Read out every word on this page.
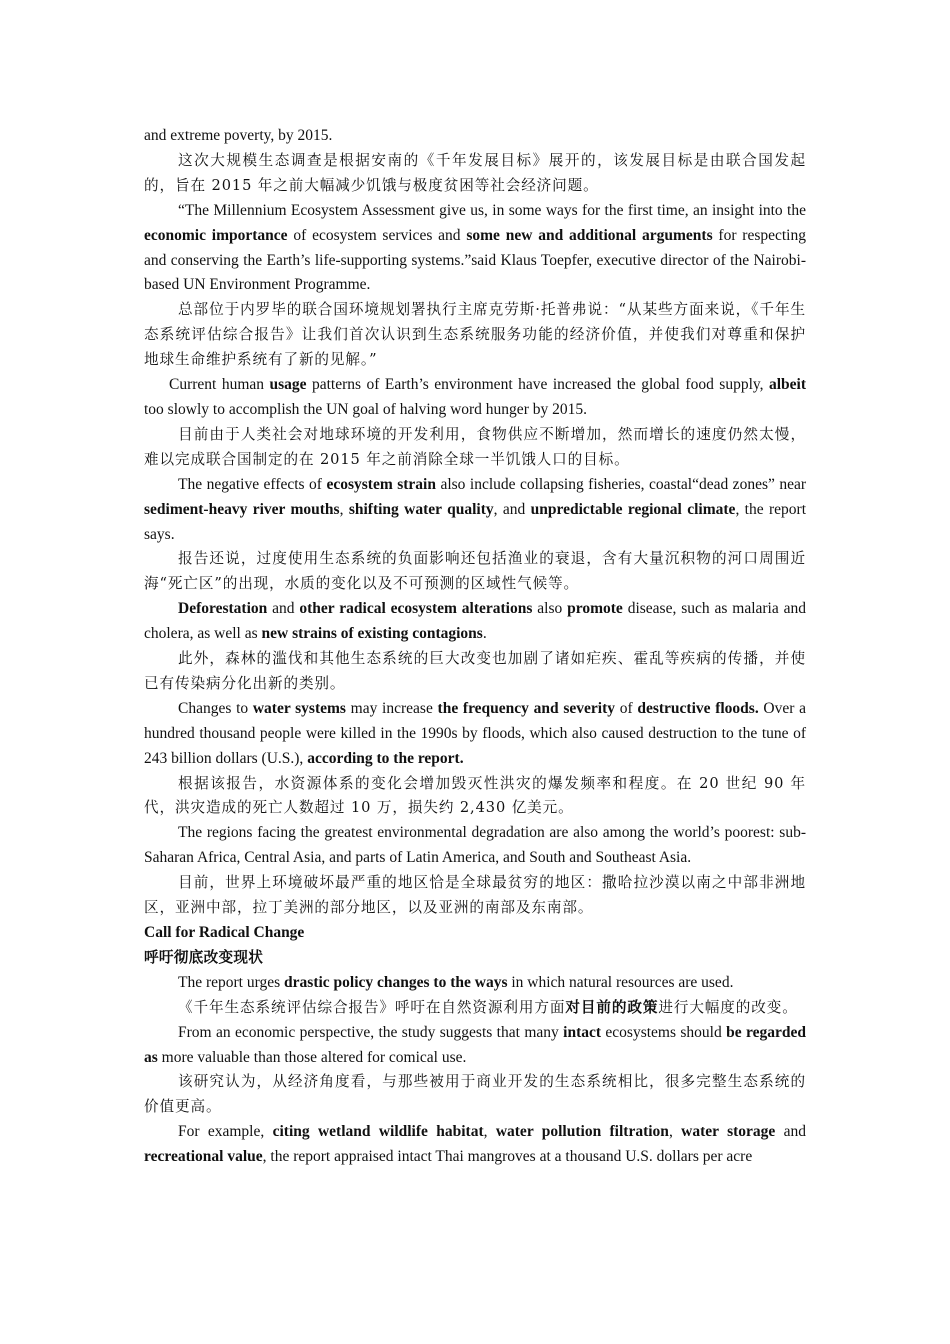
and extreme poverty, by 2015.

这次大规模生态调查是根据安南的《千年发展目标》展开的，该发展目标是由联合国发起的，旨在 2015 年之前大幅减少饥饿与极度贫困等社会经济问题。

“The Millennium Ecosystem Assessment give us, in some ways for the first time, an insight into the economic importance of ecosystem services and some new and additional arguments for respecting and conserving the Earth’s life-supporting systems.”said Klaus Toepfer, executive director of the Nairobi-based UN Environment Programme.

总部位于内罗毕的联合国环境规划署执行主席克劳斯·托普弗说：“从某些方面来说，《千年生态系统评估综合报告》让我们首次认识到生态系统服务功能的经济价值，并使我们对尊重和保护地球生命维护系统有了新的见解。”

Current human usage patterns of Earth’s environment have increased the global food supply, albeit too slowly to accomplish the UN goal of halving word hunger by 2015.

目前由于人类社会对地球环境的开发利用，食物供应不断增加，然而增长的速度仍然太慢，难以完成联合国制定的在 2015 年之前消除全球一半饥饿人口的目标。

The negative effects of ecosystem strain also include collapsing fisheries, coastal“dead zones” near sediment-heavy river mouths, shifting water quality, and unpredictable regional climate, the report says.

报告还说，过度使用生态系统的负面影响还包括渔业的衰退，含有大量沉积物的河口周围近海“死亡区”的出现，水质的变化以及不可预测的区域性气候等。

Deforestation and other radical ecosystem alterations also promote disease, such as malaria and cholera, as well as new strains of existing contagions.

此外，森林的滥伐和其他生态系统的巨大改变也加剧了诸如疟疾、霍乱等疾病的传播，并使已有传染病分化出新的类别。

Changes to water systems may increase the frequency and severity of destructive floods. Over a hundred thousand people were killed in the 1990s by floods, which also caused destruction to the tune of 243 billion dollars (U.S.), according to the report.

根据该报告，水资源体系的变化会增加毁灭性洪灾的爆发频率和程度。在 20 世纪 90 年代，洪灾造成的死亡人数超过 10 万，损失约 2,430 亿美元。

The regions facing the greatest environmental degradation are also among the world’s poorest: sub-Saharan Africa, Central Asia, and parts of Latin America, and South and Southeast Asia.

目前，世界上环境破坏最严重的地区恰是全球最贫穷的地区：撒哈拉沙漠以南之中部非洲地区，亚洲中部，拉丁美洲的部分地区，以及亚洲的南部及东南部。

Call for Radical Change

呼吁彻底改变现状

The report urges drastic policy changes to the ways in which natural resources are used.

《千年生态系统评估综合报告》呼吁在自然资源利用方面对目前的政策进行大幅度的改变。

From an economic perspective, the study suggests that many intact ecosystems should be regarded as more valuable than those altered for comical use.

该研究认为，从经济角度看，与那些被用于商业开发的生态系统相比，很多完整生态系统的价值更高。

For example, citing wetland wildlife habitat, water pollution filtration, water storage and recreational value, the report appraised intact Thai mangroves at a thousand U.S. dollars per acre
